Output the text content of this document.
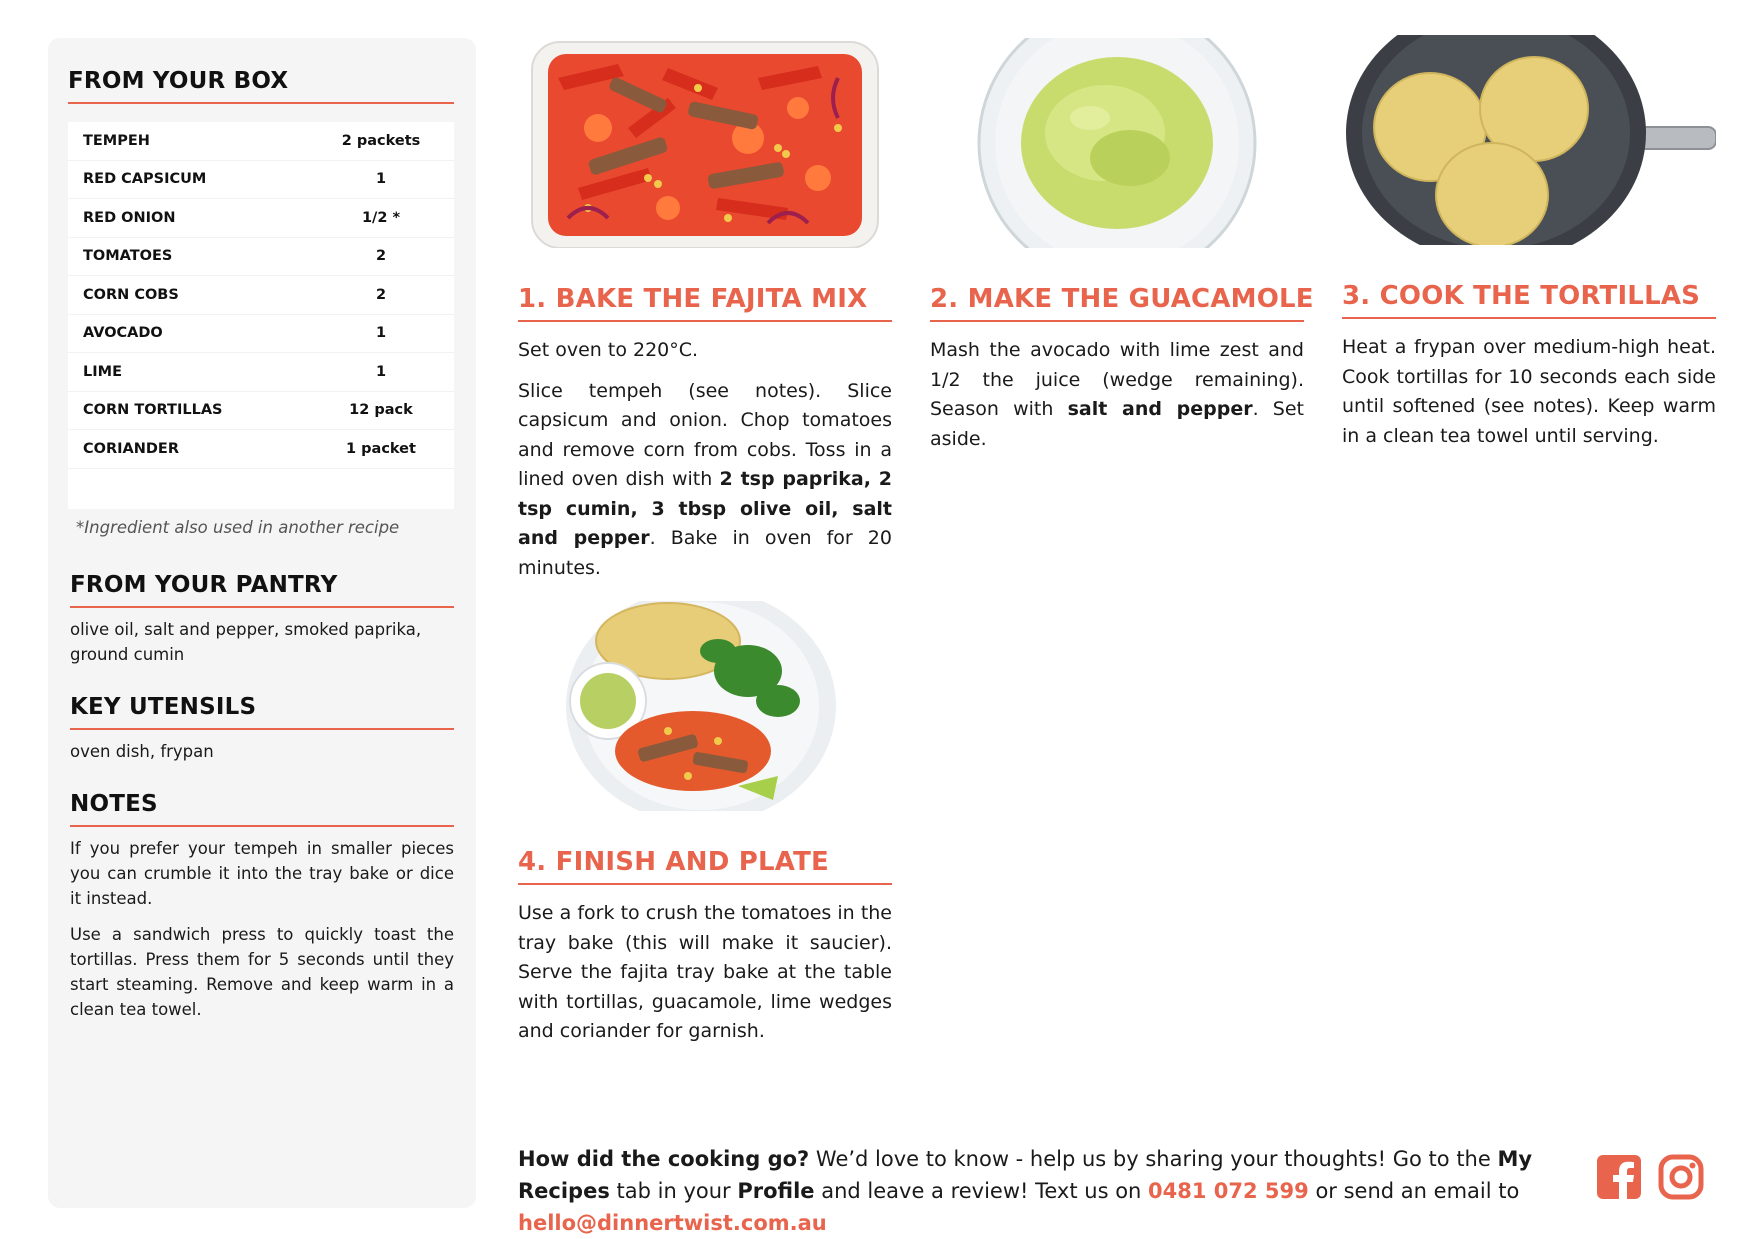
FROM YOUR BOX
TEMPEH	2 packets
RED CAPSICUM	1
RED ONION	1/2 *
TOMATOES	2
CORN COBS	2
AVOCADO	1
LIME	1
CORN TORTILLAS	12 pack
CORIANDER	1 packet
*Ingredient also used in another recipe
FROM YOUR PANTRY
olive oil, salt and pepper, smoked paprika, ground cumin
KEY UTENSILS
oven dish, frypan
NOTES
If you prefer your tempeh in smaller pieces you can crumble it into the tray bake or dice it instead.
Use a sandwich press to quickly toast the tortillas. Press them for 5 seconds until they start steaming. Remove and keep warm in a clean tea towel.
1. BAKE THE FAJITA MIX

Set oven to 220°C.

Slice tempeh (see notes). Slice capsicum and onion. Chop tomatoes and remove corn from cobs. Toss in a lined oven dish with 2 tsp paprika, 2 tsp cumin, 3 tbsp olive oil, salt and pepper. Bake in oven for 20 minutes.

2. MAKE THE GUACAMOLE

Mash the avocado with lime zest and 1/2 the juice (wedge remaining). Season with salt and pepper. Set aside.

3. COOK THE TORTILLAS

Heat a frypan over medium-high heat. Cook tortillas for 10 seconds each side until softened (see notes). Keep warm in a clean tea towel until serving.

4. FINISH AND PLATE

Use a fork to crush the tomatoes in the tray bake (this will make it saucier). Serve the fajita tray bake at the table with tortillas, guacamole, lime wedges and coriander for garnish.

How did the cooking go? We’d love to know - help us by sharing your thoughts! Go to the My Recipes tab in your Profile and leave a review! Text us on 0481 072 599 or send an email to hello@dinnertwist.com.au
